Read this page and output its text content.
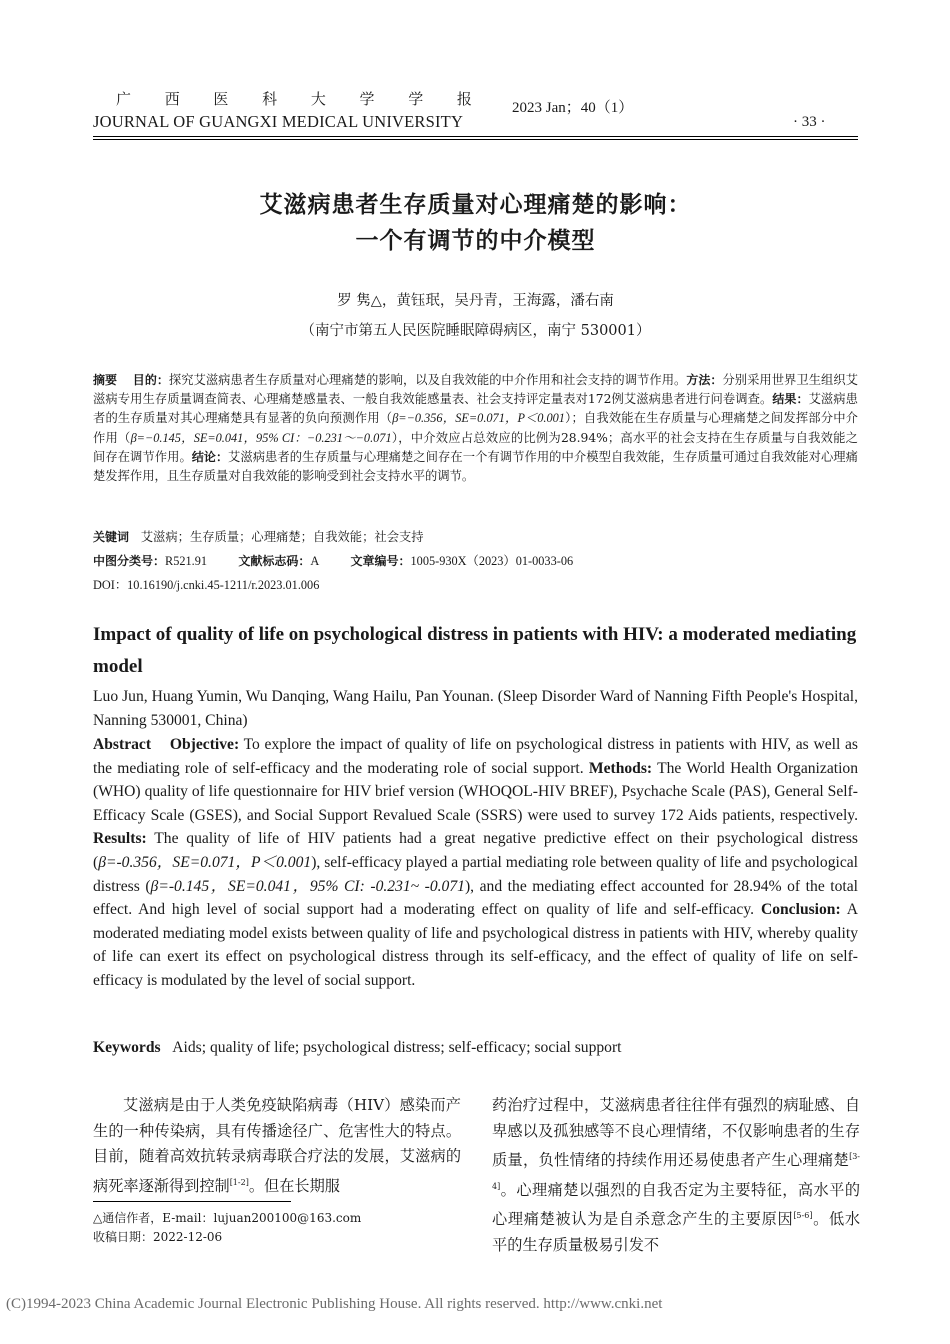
广 西 医 科 大 学 学 报
JOURNAL OF GUANGXI MEDICAL UNIVERSITY
2023 Jan；40（1）
· 33 ·
艾滋病患者生存质量对心理痛楚的影响：
一个有调节的中介模型
罗 隽△，黄钰珉，吴丹青，王海露，潘右南
（南宁市第五人民医院睡眠障碍病区，南宁 530001）
摘要 目的：探究艾滋病患者生存质量对心理痛楚的影响，以及自我效能的中介作用和社会支持的调节作用。方法：分别采用世界卫生组织艾滋病专用生存质量调查简表、心理痛楚感量表、一般自我效能感量表、社会支持评定量表对172例艾滋病患者进行问卷调查。结果：艾滋病患者的生存质量对其心理痛楚具有显著的负向预测作用（β=−0.356，SE=0.071，P＜0.001）；自我效能在生存质量与心理痛楚之间发挥部分中介作用（β=−0.145，SE=0.041，95% CI：−0.231～−0.071），中介效应占总效应的比例为28.94%；高水平的社会支持在生存质量与自我效能之间存在调节作用。结论：艾滋病患者的生存质量与心理痛楚之间存在一个有调节作用的中介模型自我效能，生存质量可通过自我效能对心理痛楚发挥作用，且生存质量对自我效能的影响受到社会支持水平的调节。
关键词 艾滋病；生存质量；心理痛楚；自我效能；社会支持
中图分类号：R521.91	文献标志码：A	文章编号：1005-930X（2023）01-0033-06
DOI：10.16190/j.cnki.45-1211/r.2023.01.006
Impact of quality of life on psychological distress in patients with HIV: a moderated mediating model
Luo Jun, Huang Yumin, Wu Danqing, Wang Hailu, Pan Younan. (Sleep Disorder Ward of Nanning Fifth People's Hospital, Nanning 530001, China)
Abstract Objective: To explore the impact of quality of life on psychological distress in patients with HIV, as well as the mediating role of self-efficacy and the moderating role of social support. Methods: The World Health Organization (WHO) quality of life questionnaire for HIV brief version (WHOQOL-HIV BREF), Psychache Scale (PAS), General Self-Efficacy Scale (GSES), and Social Support Revalued Scale (SSRS) were used to survey 172 Aids patients, respectively. Results: The quality of life of HIV patients had a great negative predictive effect on their psychological distress (β=-0.356，SE=0.071，P＜0.001), self-efficacy played a partial mediating role between quality of life and psychological distress (β=-0.145，SE=0.041，95% CI: -0.231~ -0.071), and the mediating effect accounted for 28.94% of the total effect. And high level of social support had a moderating effect on quality of life and self-efficacy. Conclusion: A moderated mediating model exists between quality of life and psychological distress in patients with HIV, whereby quality of life can exert its effect on psychological distress through its self-efficacy, and the effect of quality of life on self-efficacy is modulated by the level of social support.
Keywords Aids; quality of life; psychological distress; self-efficacy; social support
艾滋病是由于人类免疫缺陷病毒（HIV）感染而产生的一种传染病，具有传播途径广、危害性大的特点。目前，随着高效抗转录病毒联合疗法的发展，艾滋病的病死率逐渐得到控制[1-2]。但在长期服
药治疗过程中，艾滋病患者往往伴有强烈的病耻感、自卑感以及孤独感等不良心理情绪，不仅影响患者的生存质量，负性情绪的持续作用还易使患者产生心理痛楚[3-4]。心理痛楚以强烈的自我否定为主要特征，高水平的心理痛楚被认为是自杀意念产生的主要原因[5-6]。低水平的生存质量极易引发不
△通信作者，E-mail：lujuan200100@163.com
收稿日期：2022-12-06
(C)1994-2023 China Academic Journal Electronic Publishing House. All rights reserved. http://www.cnki.net
